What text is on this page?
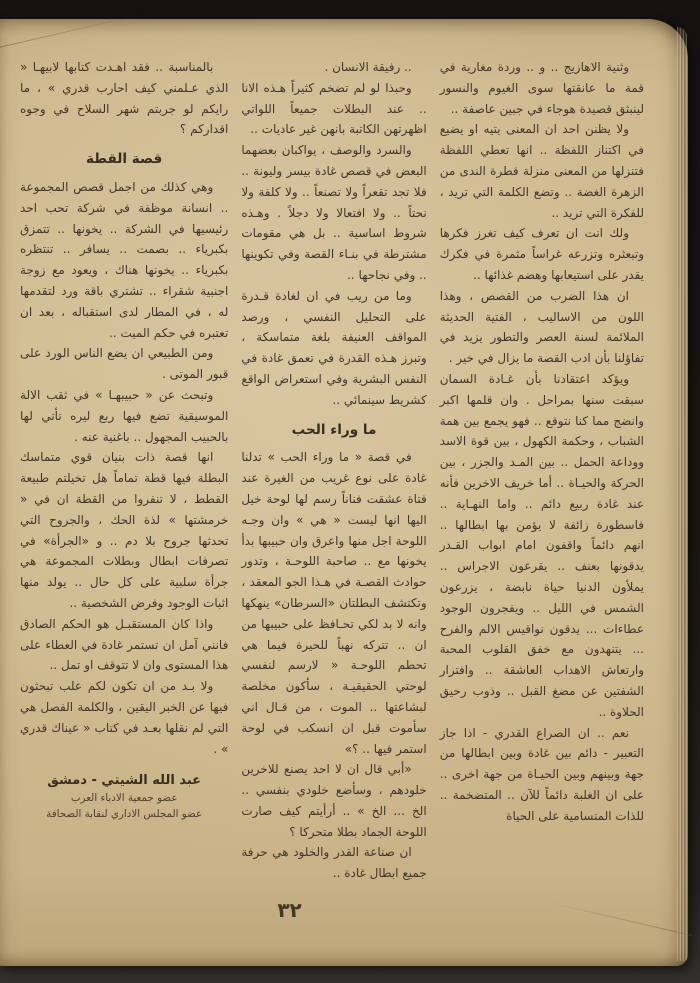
وثنية الاهازيج .. و .. وردة مغارية في قمة ما عانقتها سوى الغيوم والنسور لينبثق قصيدة هوجاء في جبين عاصفة ..

ولا يظنن احد ان المعنى يتيه او يضيع في اكتناز اللفظة .. انها تعطي اللفظة فتنزلها من المعنى منزلة قطرة الندى من الزهرة الغضة .. وتضع الكلمة التي تريد ، للفكرة التي تريد ..

ولك انت ان تعرف كيف تغرز فكرها وتبعثره وتزرعه غراساً مثمرة في فكرك يقدر على استيعابها وهضم غذائها ..

ان هذا الضرب من القصص ، وهذا اللون من الاساليب ، الفتية الحديثة الملائمة لسنة العصر والتطور يزيد في تفاؤلنا بأن ادب القصة ما يزال في خير .

ويؤكد اعتقادنا بأن غـادة السمان سبقت سنها بمراحل . وان قلمها اكبر وانضج مما كنا نتوقع .. فهو يجمع بين همة الشباب ، وحكمة الكهول ، بين قوة الاسد ووداعة الحمل .. بين المـد والجزر ، بين الحركة والحيـاة .. أما خريف الاخرين فأنه عند غادة ربيع دائم .. واما النهـاية .. فاسطورة زائفة لا يؤمن بها ابطالها .. انهم دائماً واقفون امام ابواب القـدر يدقونها بعنف .. يقرعون الاجراس .. يملأون الدنيا حياة نابضة ، يزرعون الشمس في الليل .. ويفجرون الوجود عطاءات ... يدقون نواقيس الالم والفرح ... يتنهدون مع خفق القلوب المحبة وارتعاش الاهداب العاشقة .. وافترار الشفتين عن مضغ القبل .. وذوب رحيق الحلاوة ..

نعم .. ان الصراع القدري - اذا جاز التعبير - دائم بين غادة وبين ابطالها من جهة وبينهم وبين الحيـاة من جهة اخرى .. على ان الغلبة دائماً للآن .. المتضخمة .. للذات المتسامية على الحياة

.. رفيقة الانسان .

وحبذا لو لم تضخم كثيراً هـذه الانا .. عند البطلات جميعاً اللواتي اظهرتهن الكاتبة بانهن غير عاديات ..

والسرد والوصف ، يواكبان بعضهما البعض في قصص غادة بيسر وليونة .. فلا تجد تقعراً ولا تصنعاً .. ولا كلفة ولا نحتاً .. ولا افتعالا ولا دجلاً . وهـذه شروط اساسية .. بل هي مقومات مشترطة في بنـاء القصة وفي تكوينها .. وفي نجاحها ..

وما من ريب في ان لغادة قـدرة على التحليل النفسي ، ورصد المواقف العنيفة بلغة متماسكة ، وتبرز هـذه القدرة في تعمق غادة في النفس البشرية وفي استعراض الواقع كشريط سينمائي ..

ما وراء الحب

في قصة « ما وراء الحب » تدلنا غادة على نوع غريب من الغيرة عند فتاة عشقت فناناً رسم لها لوحة خيل اليها انها ليست « هي » وان وجـه اللوحة اجل منها واعرق وان حبيبها بدأ يخونها مع .. صاحبة اللوحـة ، وتدور حوادث القصـة في هـذا الجو المعقد ، وتكتشف البطلتان «السرطان» ينهكها وانه لا بد لكي تحـافظ على حبيبها من ان .. تتركه نهباً للحيرة فيما هي تحطم اللوحـة « لارسم لنفسي لوحتي الحقيقيـة ، سأكون مخلصة لبشاعتها .. الموت ، من قـال اني سأموت قبل ان انسكب في لوحة استمر فيها .. ؟»

«أبي قال ان لا احد يصنع للاخرين خلودهم ، وسأضع خلودي بنفسي .. الخ ... الخ » .. أرأيتم كيف صارت اللوحة الجماد بطلا متحركا ؟

ان صناعة القدر والخلود هي حرفة جميع ابطال غادة ..

٣٢

بالمناسبة .. فقد اهـدت كتابها لابيهـا « الذي عـلمني كيف احارب قدري » ، ما رايكم لو جربتم شهر السلاح في وجوه اقداركم ؟

قصة القطة

وهي كذلك من اجمل قصص المجموعة .. انسانة موظفة في شركة تحب احد رئيسيها في الشركة .. يخونها .. تتمزق بكبرياء .. بصمت .. يسافر .. تنتظره بكبرياء .. يخونها هناك ، ويعود مع زوجة اجنبية شقراء .. تشتري باقة ورد لتقدمها له ، في المطار لدى استقباله ، بعد ان تعتبره في حكم الميت ..

ومن الطبيعي ان يضع الناس الورد على قبور الموتى .

وتبحث عن « حبيبهـا » في ثقب الالة الموسيقية تضع فيها ربع ليره تأتي لها بالحبيب المجهول .. باغنية عنه .

انها قصة ذات بنيان قوي متماسك البطلة فيها قطة تماماً هل تخيلتم طبيعة القطط ، لا تنفروا من القطة ان في « خرمشتها » لذة الحك ، والجروح التي تحدثها جروح بلا دم .. و «الجرأة» في تصرفات ابطال وبطلات المجموعة هي جرأة سلبية على كل حال .. يولد منها اثبات الوجود وفرض الشخصية ..

واذا كان المستقبـل هو الحكم الصادق فانني آمل ان تستمر غادة في العطاء على هذا المستوى وان لا تتوقف او تمل ..

ولا بـد من ان تكون لكم علب تبحثون فيها عن الخبر اليقين ، والكلمة الفصل هي التي لم نقلها بعـد في كتاب « عيناك قدري » .

عبد الله الشيتي - دمشق
عضو جمعية الادباء العرب
عضو المجلس الاداري لنقابة الصحافة
